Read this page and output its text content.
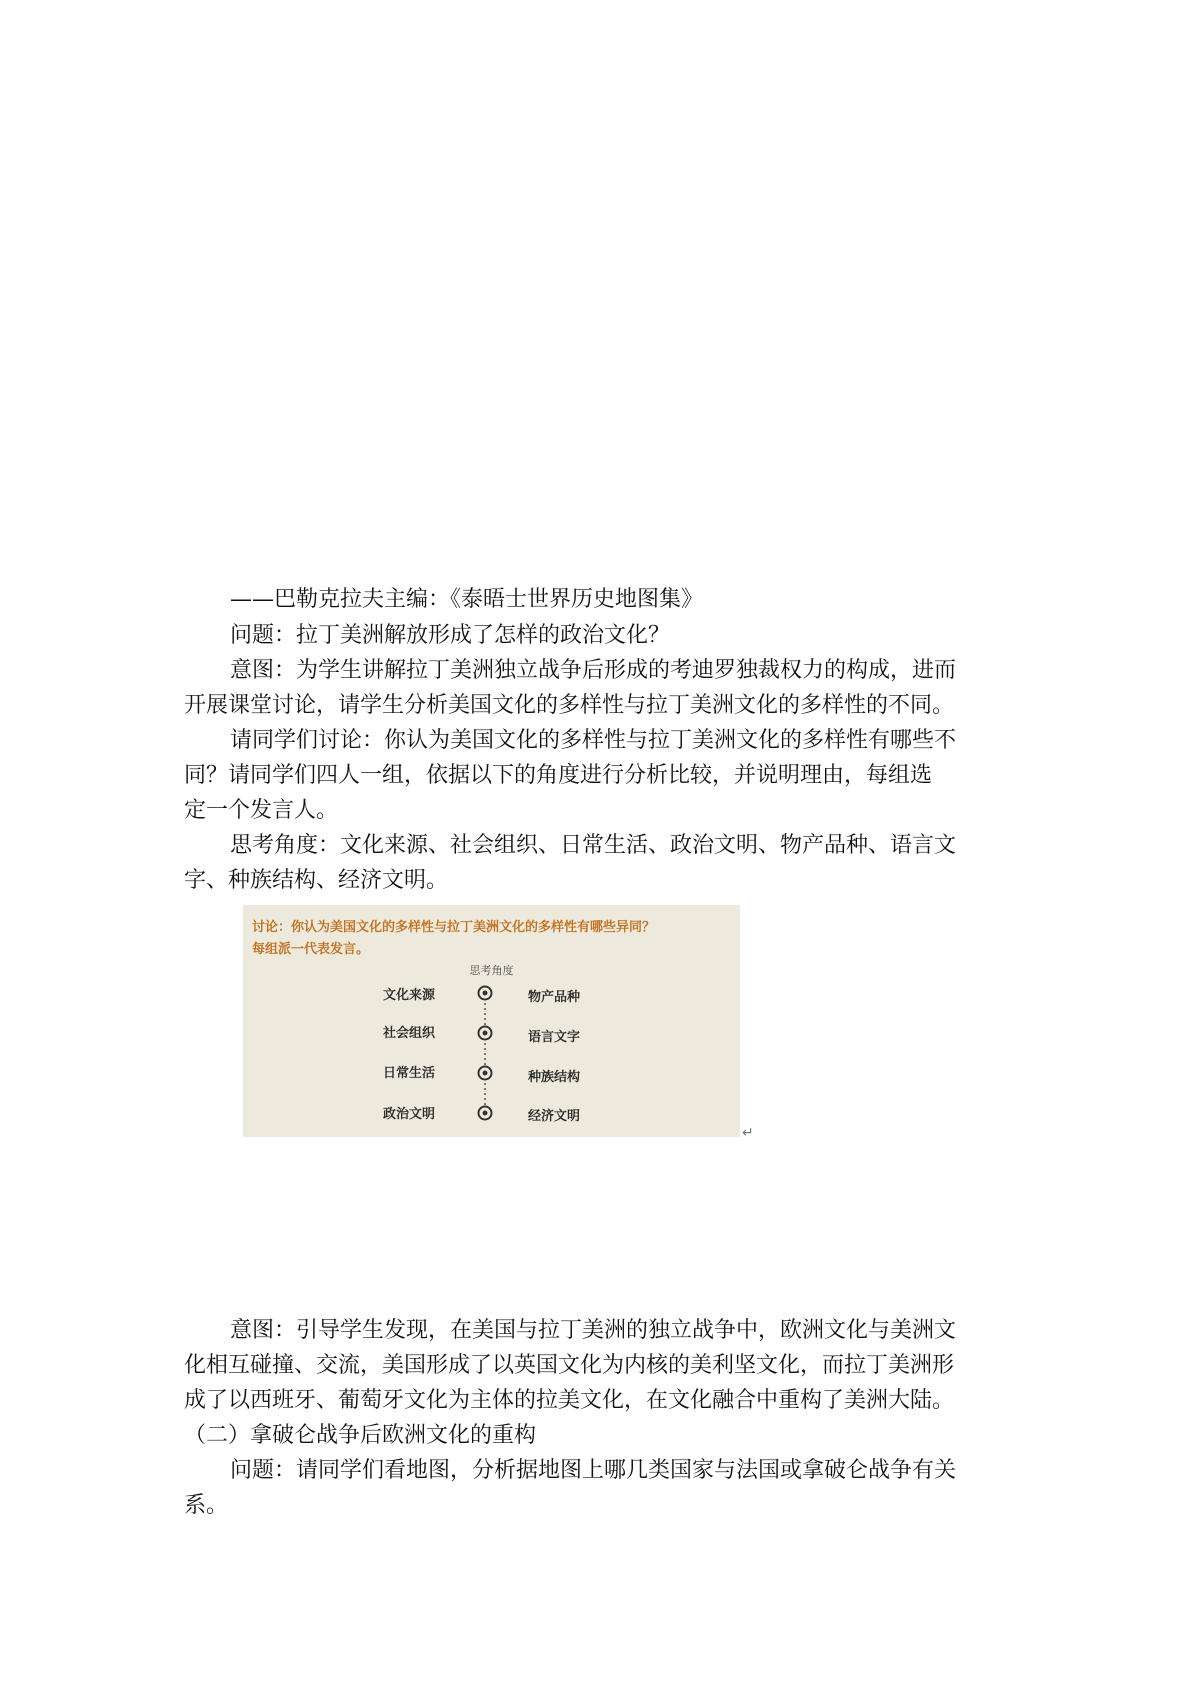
——巴勒克拉夫主编：《泰晤士世界历史地图集》
问题：拉丁美洲解放形成了怎样的政治文化？
意图：为学生讲解拉丁美洲独立战争后形成的考迪罗独裁权力的构成，进而
开展课堂讨论，请学生分析美国文化的多样性与拉丁美洲文化的多样性的不同。
请同学们讨论：你认为美国文化的多样性与拉丁美洲文化的多样性有哪些不
同？请同学们四人一组，依据以下的角度进行分析比较，并说明理由，每组选
定一个发言人。
思考角度：文化来源、社会组织、日常生活、政治文明、物产品种、语言文
字、种族结构、经济文明。
讨论：你认为美国文化的多样性与拉丁美洲文化的多样性有哪些异同？
每组派一代表发言。
思考角度
文化来源
社会组织
日常生活
政治文明
物产品种
语言文字
种族结构
经济文明
↵
意图：引导学生发现，在美国与拉丁美洲的独立战争中，欧洲文化与美洲文
化相互碰撞、交流，美国形成了以英国文化为内核的美利坚文化，而拉丁美洲形
成了以西班牙、葡萄牙文化为主体的拉美文化，在文化融合中重构了美洲大陆。
（二）拿破仑战争后欧洲文化的重构
问题：请同学们看地图，分析据地图上哪几类国家与法国或拿破仑战争有关
系。
